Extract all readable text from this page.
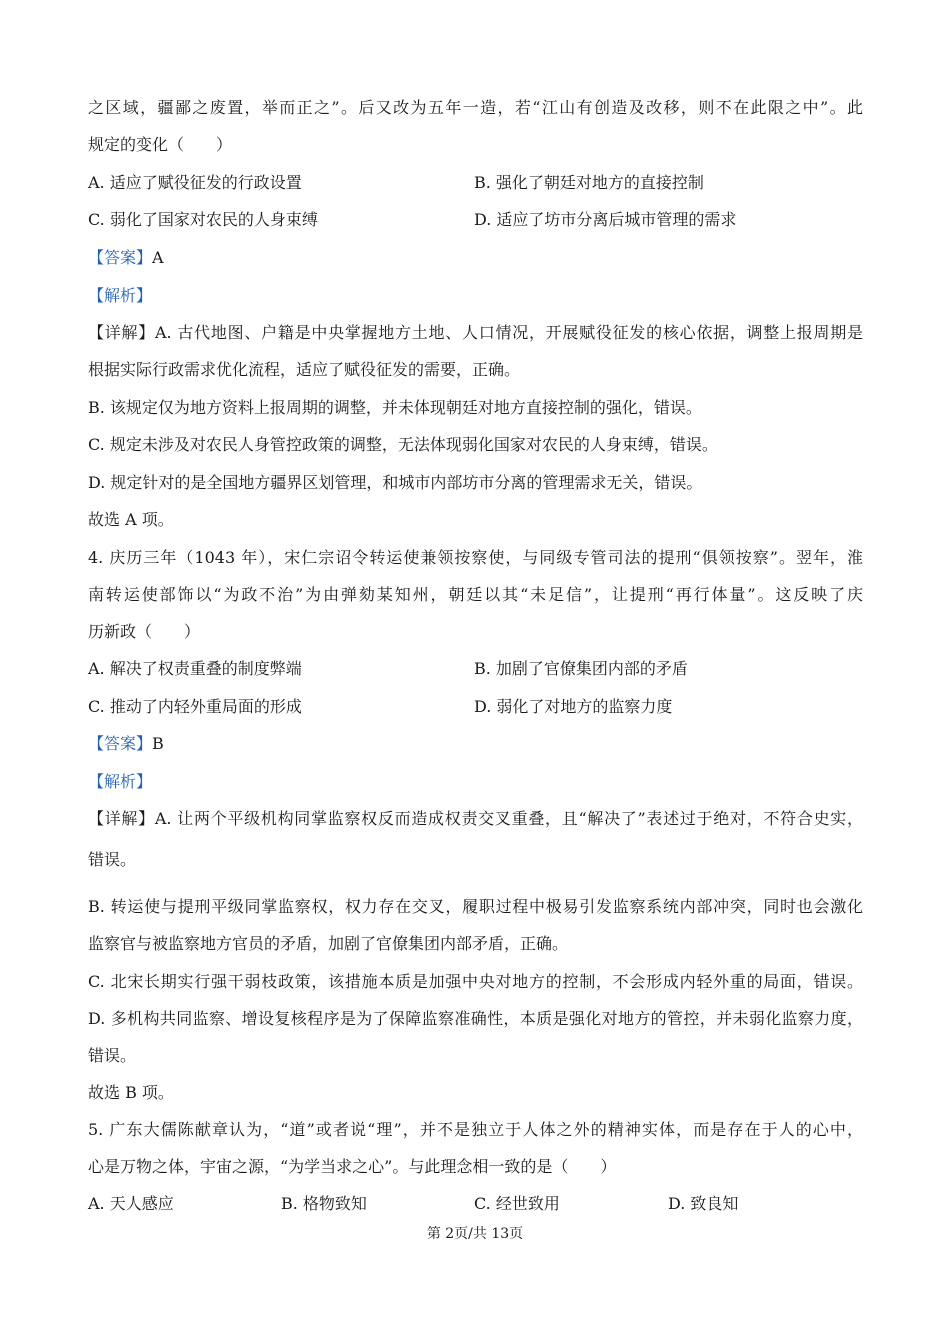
之区域，疆鄙之废置，举而正之”。后又改为五年一造，若“江山有创造及改移，则不在此限之中”。此
规定的变化（　　）
A. 适应了赋役征发的行政设置	B. 强化了朝廷对地方的直接控制
C. 弱化了国家对农民的人身束缚	D. 适应了坊市分离后城市管理的需求
【答案】A
【解析】
【详解】A. 古代地图、户籍是中央掌握地方土地、人口情况，开展赋役征发的核心依据，调整上报周期是
根据实际行政需求优化流程，适应了赋役征发的需要，正确。
B. 该规定仅为地方资料上报周期的调整，并未体现朝廷对地方直接控制的强化，错误。
C. 规定未涉及对农民人身管控政策的调整，无法体现弱化国家对农民的人身束缚，错误。
D. 规定针对的是全国地方疆界区划管理，和城市内部坊市分离的管理需求无关，错误。
故选 A 项。
4. 庆历三年（1043 年），宋仁宗诏令转运使兼领按察使，与同级专管司法的提刑“俱领按察”。翌年，淮
南转运使部饰以“为政不治”为由弹劾某知州，朝廷以其“未足信”，让提刑“再行体量”。这反映了庆
历新政（　　）
A. 解决了权责重叠的制度弊端	B. 加剧了官僚集团内部的矛盾
C. 推动了内轻外重局面的形成	D. 弱化了对地方的监察力度
【答案】B
【解析】
【详解】A. 让两个平级机构同掌监察权反而造成权责交叉重叠，且“解决了”表述过于绝对，不符合史实，
错误。
B. 转运使与提刑平级同掌监察权，权力存在交叉，履职过程中极易引发监察系统内部冲突，同时也会激化
监察官与被监察地方官员的矛盾，加剧了官僚集团内部矛盾，正确。
C. 北宋长期实行强干弱枝政策，该措施本质是加强中央对地方的控制，不会形成内轻外重的局面，错误。
D. 多机构共同监察、增设复核程序是为了保障监察准确性，本质是强化对地方的管控，并未弱化监察力度，
错误。
故选 B 项。
5. 广东大儒陈献章认为，“道”或者说“理”，并不是独立于人体之外的精神实体，而是存在于人的心中，
心是万物之体，宇宙之源，“为学当求之心”。与此理念相一致的是（　　）
A. 天人感应	B. 格物致知	C. 经世致用	D. 致良知
第 2页/共 13页
